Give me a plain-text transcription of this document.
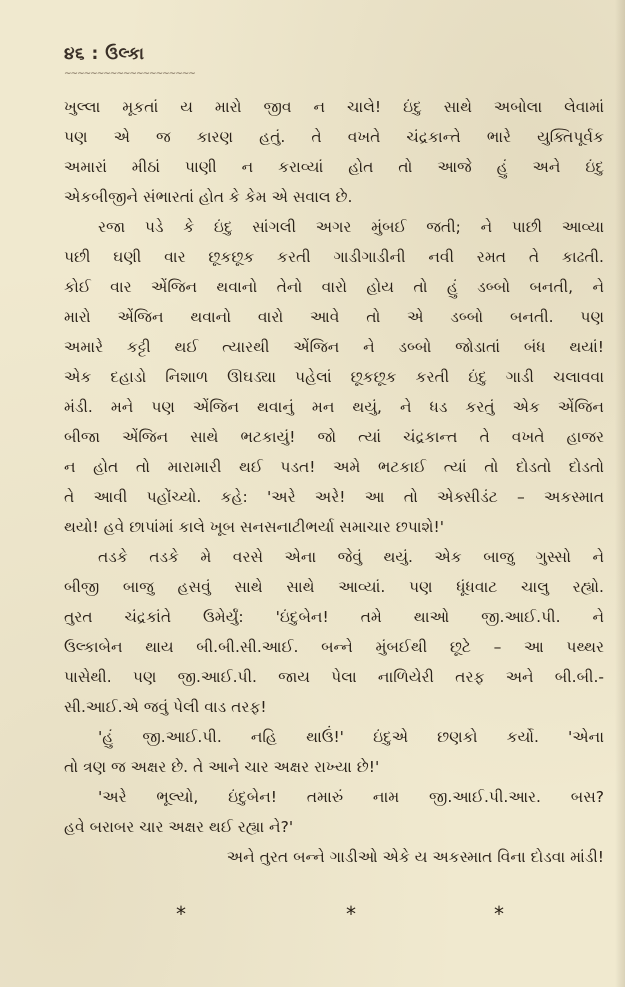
૪૬ : ઉલ્કા
~~~~~~~~~~~~~~~~~~~~
ખુલ્લા મૂકતાં ય મારો જીવ ન ચાલે! ઇંદુ સાથે અબોલા લેવામાં
પણ એ જ કારણ હતું. તે વખતે ચંદ્રકાન્તે ભારે યુક્તિપૂર્વક
અમારાં મીઠાં પાણી ન કરાવ્યાં હોત તો આજે હું અને ઇંદુ
એકબીજીને સંભારતાં હોત કે કેમ એ સવાલ છે.
રજા પડે કે ઇંદુ સાંગલી અગર મુંબઈ જતી; ને પાછી આવ્યા
પછી ઘણી વાર છૂકછૂક કરતી ગાડીગાડીની નવી રમત તે કાઢતી.
કોઈ વાર એંજિન થવાનો તેનો વારો હોય તો હું ડબ્બો બનતી, ને
મારો એંજિન થવાનો વારો આવે તો એ ડબ્બો બનતી. પણ
અમારે કટ્ટી થઈ ત્યારથી એંજિન ને ડબ્બો જોડાતાં બંધ થયાં!
એક દહાડો નિશાળ ઊઘડ્યા પહેલાં છૂકછૂક કરતી ઇંદુ ગાડી ચલાવવા
મંડી. મને પણ એંજિન થવાનું મન થયું, ને ધડ કરતું એક એંજિન
બીજા એંજિન સાથે ભટકાયું! જો ત્યાં ચંદ્રકાન્ત તે વખતે હાજર
ન હોત તો મારામારી થઈ પડત! અમે ભટકાઈ ત્યાં તો દોડતો દોડતો
તે આવી પહોંચ્યો. કહે: 'અરે અરે! આ તો એક્સીડંટ – અકસ્માત
થયો! હવે છાપાંમાં કાલે ખૂબ સનસનાટીભર્યા સમાચાર છપાશે!'
તડકે તડકે મે વરસે એના જેવું થયું. એક બાજુ ગુસ્સો ને
બીજી બાજુ હસવું સાથે સાથે આવ્યાં. પણ ધૂંધવાટ ચાલુ રહ્યો.
તુરત ચંદ્રકાંતે ઉમેર્યું: 'ઇંદુબેન! તમે થાઓ જી.આઈ.પી. ને
ઉલ્કાબેન થાય બી.બી.સી.આઈ. બન્ને મુંબઈથી છૂટે – આ પથ્થર
પાસેથી. પણ જી.આઈ.પી. જાય પેલા નાળિયેરી તરફ અને બી.બી.-
સી.આઈ.એ જવું પેલી વાડ તરફ!
'હું જી.આઈ.પી. નહિ થાઉં!' ઇંદુએ છણકો કર્યો. 'એના
તો ત્રણ જ અક્ષર છે. તે આને ચાર અક્ષર રાખ્યા છે!'
'અરે ભૂલ્યો, ઇંદુબેન! તમારું નામ જી.આઈ.પી.આર. બસ?
હવે બરાબર ચાર અક્ષર થઈ રહ્યા ને?'
અને તુરત બન્ને ગાડીઓ એકે ય અકસ્માત વિના દોડવા માંડી!
*	*	*
